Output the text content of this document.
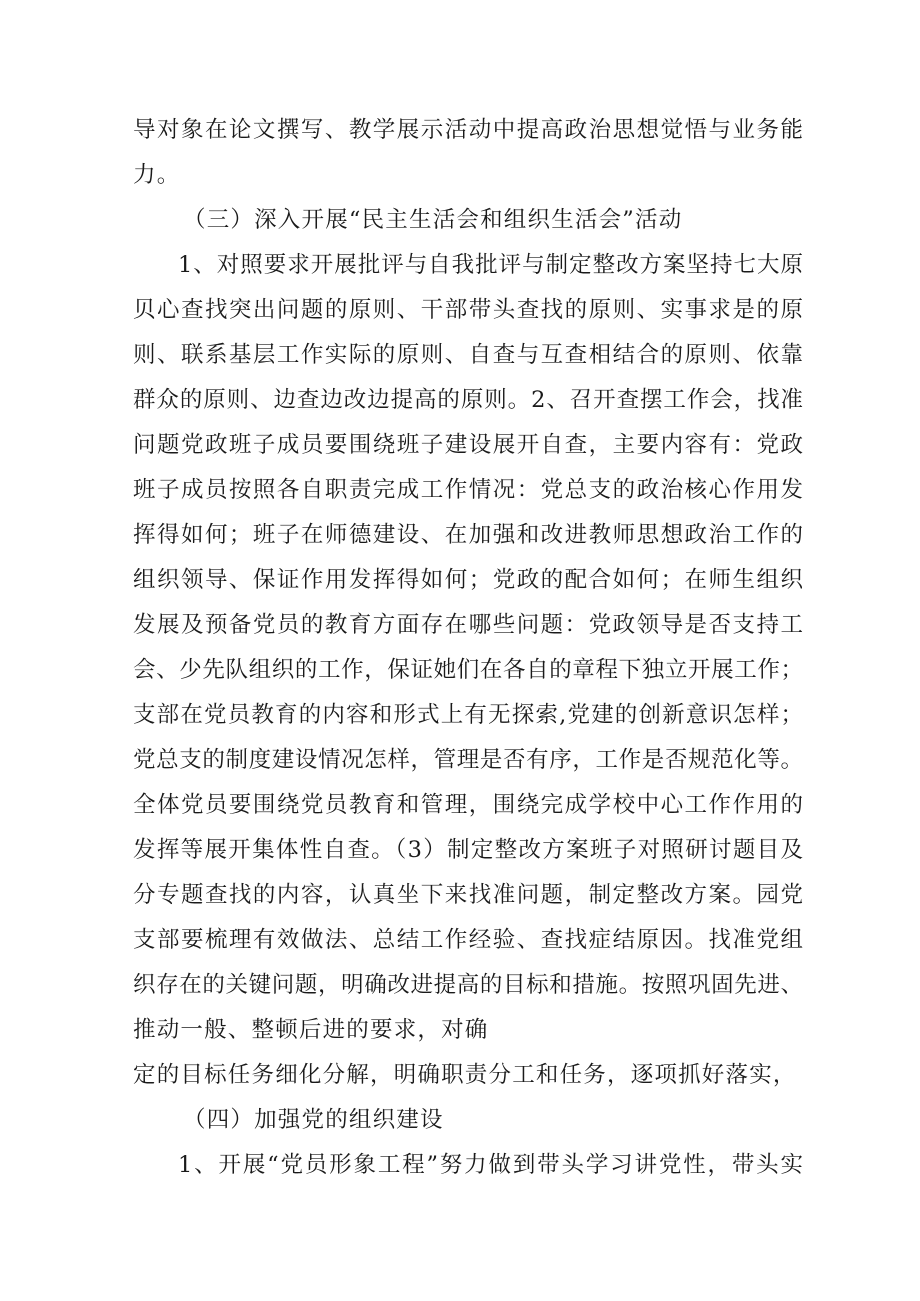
导对象在论文撰写、教学展示活动中提高政治思想觉悟与业务能

力。

（三）深入开展“民主生活会和组织生活会”活动

1、对照要求开展批评与自我批评与制定整改方案坚持七大原

贝心查找突出问题的原则、干部带头查找的原则、实事求是的原

则、联系基层工作实际的原则、自查与互查相结合的原则、依靠

群众的原则、边查边改边提高的原则。2、召开查摆工作会，找准

问题党政班子成员要围绕班子建设展开自查，主要内容有：党政

班子成员按照各自职责完成工作情况：党总支的政治核心作用发

挥得如何；班子在师德建设、在加强和改进教师思想政治工作的

组织领导、保证作用发挥得如何；党政的配合如何；在师生组织

发展及预备党员的教育方面存在哪些问题：党政领导是否支持工

会、少先队组织的工作，保证她们在各自的章程下独立开展工作；

支部在党员教育的内容和形式上有无探索,党建的创新意识怎样；

党总支的制度建设情况怎样，管理是否有序，工作是否规范化等。

全体党员要围绕党员教育和管理，围绕完成学校中心工作作用的

发挥等展开集体性自查。（3）制定整改方案班子对照研讨题目及

分专题查找的内容，认真坐下来找准问题，制定整改方案。园党

支部要梳理有效做法、总结工作经验、查找症结原因。找准党组

织存在的关键问题，明确改进提高的目标和措施。按照巩固先进、

推动一般、整顿后进的要求，对确

定的目标任务细化分解，明确职责分工和任务，逐项抓好落实，

（四）加强党的组织建设

1、开展“党员形象工程”努力做到带头学习讲党性，带头实
